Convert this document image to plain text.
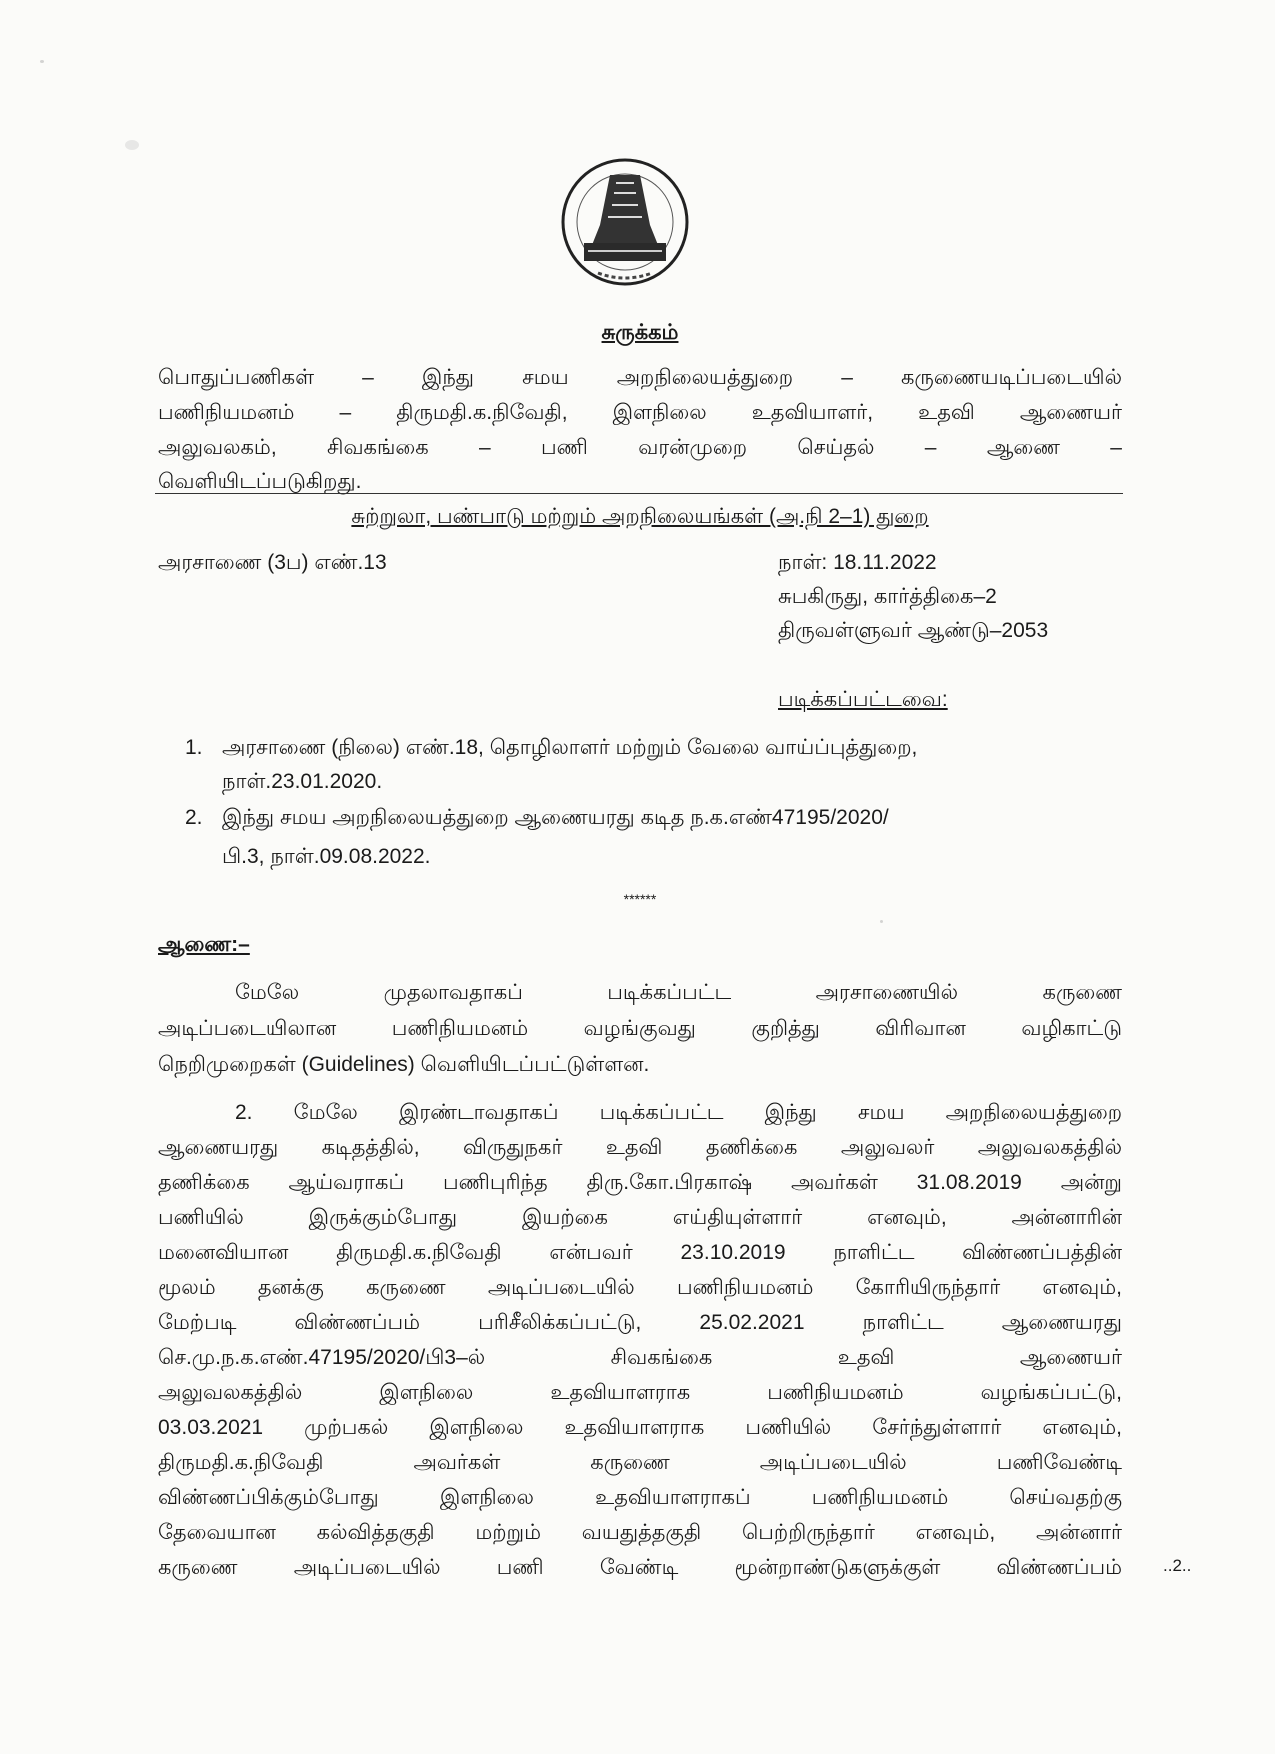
சுருக்கம்
பொதுப்பணிகள் – இந்து சமய அறநிலையத்துறை – கருணையடிப்படையில்
பணிநியமனம் – திருமதி.க.நிவேதி, இளநிலை உதவியாளர், உதவி ஆணையர்
அலுவலகம், சிவகங்கை – பணி வரன்முறை செய்தல் – ஆணை –
வெளியிடப்படுகிறது.
சுற்றுலா, பண்பாடு மற்றும் அறநிலையங்கள் (அ.நி 2–1) துறை
அரசாணை (3ப) எண்.13	நாள்: 18.11.2022
சுபகிருது, கார்த்திகை–2
திருவள்ளுவர் ஆண்டு–2053
படிக்கப்பட்டவை:
1. அரசாணை (நிலை) எண்.18, தொழிலாளர் மற்றும் வேலை வாய்ப்புத்துறை,
நாள்.23.01.2020.
2. இந்து சமய அறநிலையத்துறை ஆணையரது கடித ந.க.எண்47195/2020/
பி.3, நாள்.09.08.2022.
******
ஆணை:–
மேலே முதலாவதாகப் படிக்கப்பட்ட அரசாணையில் கருணை
அடிப்படையிலான பணிநியமனம் வழங்குவது குறித்து விரிவான வழிகாட்டு
நெறிமுறைகள் (Guidelines) வெளியிடப்பட்டுள்ளன.
2. மேலே இரண்டாவதாகப் படிக்கப்பட்ட இந்து சமய அறநிலையத்துறை
ஆணையரது கடிதத்தில், விருதுநகர் உதவி தணிக்கை அலுவலர் அலுவலகத்தில்
தணிக்கை ஆய்வராகப் பணிபுரிந்த திரு.கோ.பிரகாஷ் அவர்கள் 31.08.2019 அன்று
பணியில் இருக்கும்போது இயற்கை எய்தியுள்ளார் எனவும், அன்னாரின்
மனைவியான திருமதி.க.நிவேதி என்பவர் 23.10.2019 நாளிட்ட விண்ணப்பத்தின்
மூலம் தனக்கு கருணை அடிப்படையில் பணிநியமனம் கோரியிருந்தார் எனவும்,
மேற்படி விண்ணப்பம் பரிசீலிக்கப்பட்டு, 25.02.2021 நாளிட்ட ஆணையரது
செ.மு.ந.க.எண்.47195/2020/பி3–ல் சிவகங்கை உதவி ஆணையர்
அலுவலகத்தில் இளநிலை உதவியாளராக பணிநியமனம் வழங்கப்பட்டு,
03.03.2021 முற்பகல் இளநிலை உதவியாளராக பணியில் சேர்ந்துள்ளார் எனவும்,
திருமதி.க.நிவேதி அவர்கள் கருணை அடிப்படையில் பணிவேண்டி
விண்ணப்பிக்கும்போது இளநிலை உதவியாளராகப் பணிநியமனம் செய்வதற்கு
தேவையான கல்வித்தகுதி மற்றும் வயதுத்தகுதி பெற்றிருந்தார் எனவும், அன்னார்
கருணை அடிப்படையில் பணி வேண்டி மூன்றாண்டுகளுக்குள் விண்ணப்பம் ..2..
